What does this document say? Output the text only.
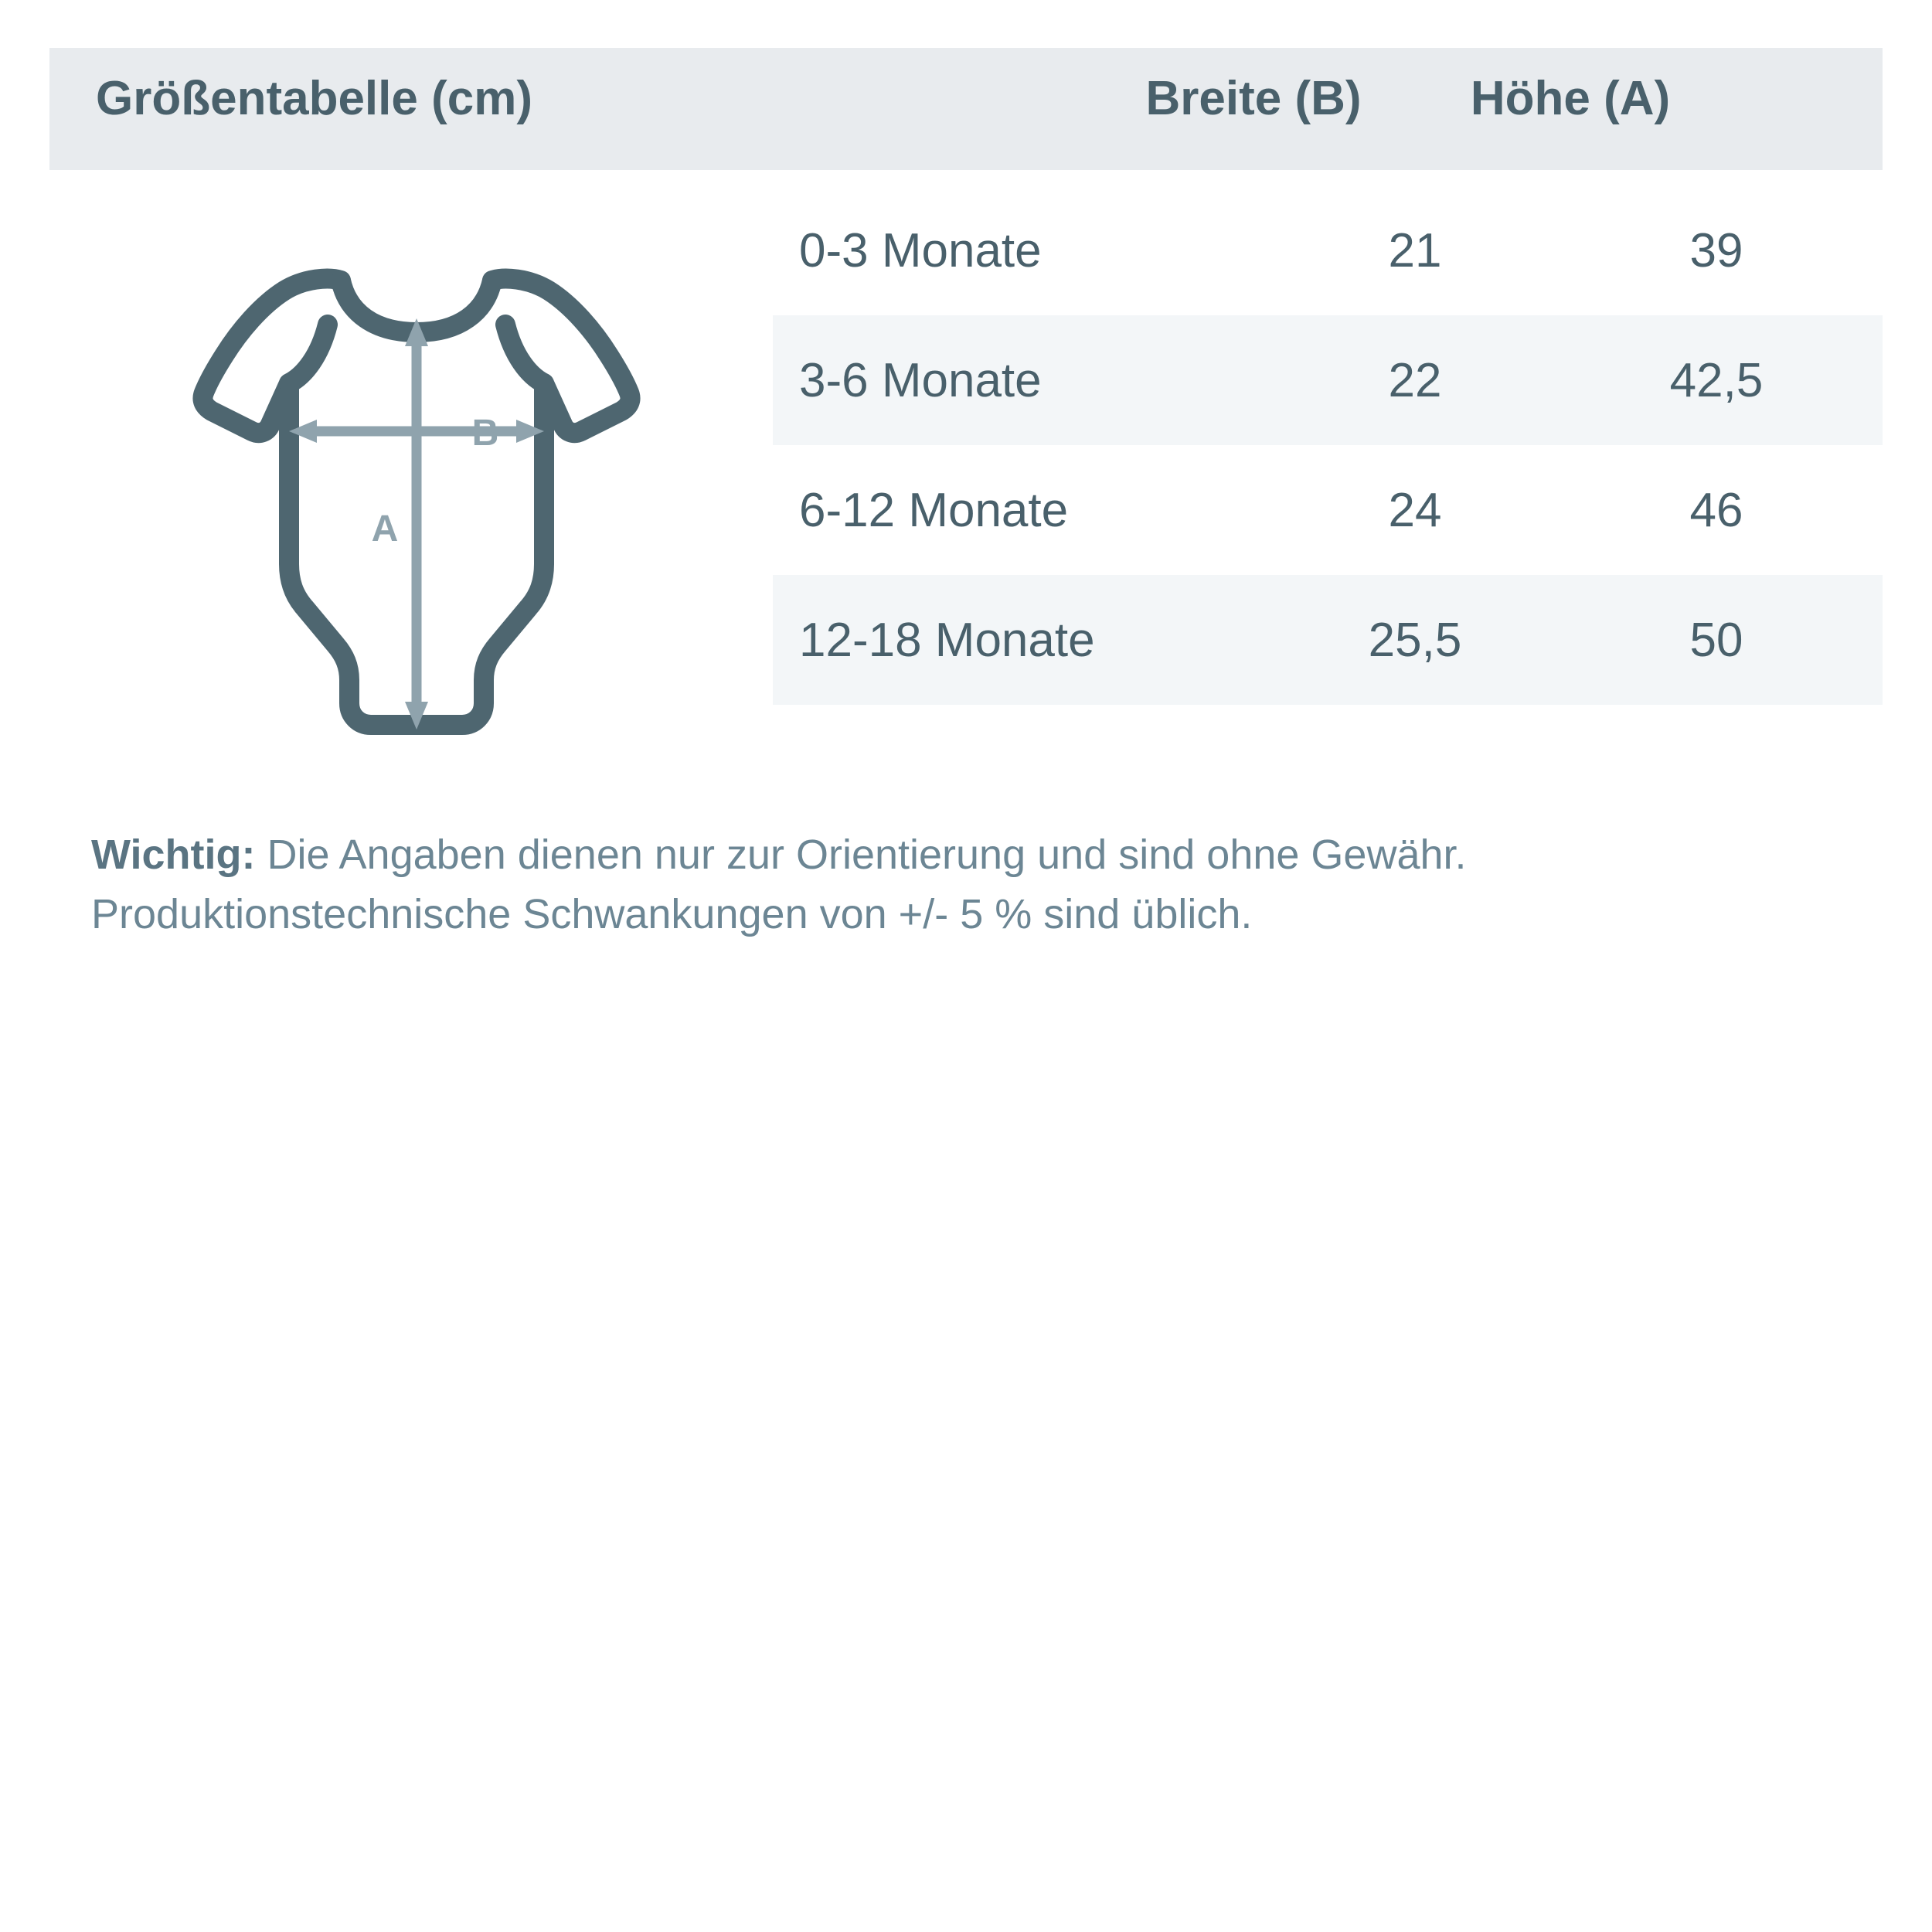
Größentabelle (cm)	Breite (B)	Höhe (A)
B
A
0-3 Monate	21	39
3-6 Monate	22	42,5
6-12 Monate	24	46
12-18 Monate	25,5	50
Wichtig: Die Angaben dienen nur zur Orientierung und sind ohne Gewähr. Produktionstechnische Schwankungen von +/- 5 % sind üblich.
